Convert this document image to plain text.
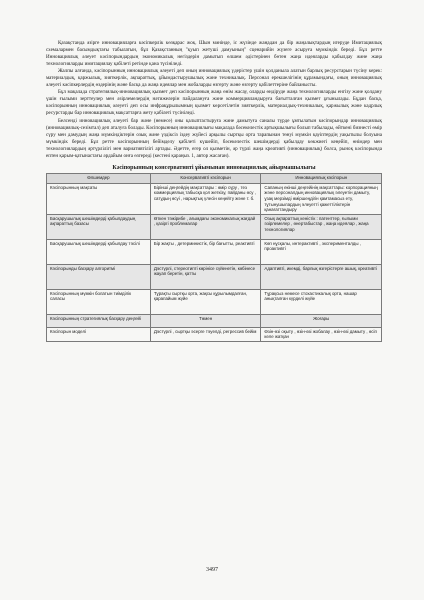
Қазақстанда әзірге инновацияларға кәсіпкерлік көзқарас жоқ. Шын мәнінде, іс жүзінде жаңадан да бір жаңалықтардың игеруде Имитациялық схемалармен басымдықтағы табылатын, бұл Қазақстанның "қуып жетуші дамуының" сценарийін жүзеге асыруға мүмкіндік береді. Бұл ретте Инновациялық әлеует кәсіпорындардың экономикалық негіздерін дамытып өлшем әдістерінен бөтен жаңа идеяларды қабылдау және жаңа технологияларды имитациялау қабілеті ретінде қана түсініледі.

Жалпы алғанда, кәсіпорынның инновациялық әлеуеті деп оның инновациялық үдерістер үшін қолданыла алатын барлық ресурстарын түсіну керек: материалдық, қаржылық, зияткерлік, ақпараттық, ұйымдастырушылық және техникалық. Персонал ерекшелігінің құрамындағы, оның инновациялық әлеуеті кәсіпкерлердің өздерінің және басқа да жаңа идеялар мен жобаларды өзгерту және өзгерту қабілеттеріне байланысты.

Бұл мақалада стратегиялық-инновациялық қызмет деп кәсіпорынның жаңа өнім жасау, оларды өндіруде жаңа технологияларды енгізу және қолдану үшін ғылыми зерттеулер мен әзірлемелердің нәтижелерін пайдалануға және коммерцияландыруға бағытталған қызмет ұғынылады. Бұдан басқа, кәсіпорынның инновациялық әлеуеті деп осы инфрақұрылымның қызмет көрсетілетін зияткерлік, материалдық-техникалық, қаржылық және кадрлық ресурстарды бар инновациялық мақсаттарға жету қабілеті түсініледі.

Белсенді инновациялық әлеуеті бар және (немесе) оны қалыптастыруға және дамытуға саналы түрде ұмтылатын кәсіпорындар инновациялық (инновациялық-сезімтал) деп аталуға болады. Кәсіпорынның инновациялығы мақалада бәсекелестік артықшылығы болып табылады, өйткені бизнесті өмір сүру мен дамудың жаңа мүмкіндіктерін озық және үздіксіз іздеу жүйесі арқылы сыртқы орта тарапынан төнуі мүмкін қауіптердің уақытылы болуына мүмкіндік береді. Бұл ретте кәсіпорынның бейімделу қабілеті күшейіп, бәсекелестік шешімдерді қабылдау көкжиегі кеңейіп, өнімдер мен технологиялардың әртүрлілігі мен вариативтілігі артады. Әдетте, егер ол қызметін, әр түрлі жаңа креативті (инновациялық) болса, рыноқ кәсіпорында ептен қарым-қатынастағы әрдайым онға өзгереді (кестені қараңыз. 1, автор жасаған).

Кәсіпорынның консервативті ұйымынан инновациялық айырмашылығы
Өлшемдер	Консервативті кәсіпорын	Инновациялық кәсіпорын
Кәсіпорынның мақсаты	Бірінші деңгейдің мақсаттары : өмір сүру , тез коммерциялық табысқа қол жеткізу, пайданы өсу , сатудың өсуі , нарықтық үлесін кеңейту және т. б.	Сапаның екінші деңгейінің мақсаттары: корпорацияның және персоналдың инновациялық әлеуетін дамыту, ұзақ мерзімді өміршеңдігін қамтамасыз ету, тұтынушылардың әлеуетті қажеттіліктерін қанағаттандыру
Басқарушылық шешімдерді қабылдаудың ақпараттық базасы	Өткен тәжірибе , ағымдағы экономикалық жағдай , қазіргі проблемалар	Озық ақпараттық кеністік : патенттер, ғылыми әзірлемелер , өнертабыстар , жаңа идеялар , жаңа технологиялар
Басқарушылық шешімдерді қабылдау тәсілі	Бір жақты , детерминистік, бір бағытты, реактивті	Көп нұсқалы, интерактивті , эксперименталды , проактивті
Кәсіпорынды басқару алгоритмі	Дәстүрлі, стереотипті көрінісе сүйенетін, көбінесе жауап беретін, қатты	Адаптивті, икемді, барлық өзгерістерге ашық, креативті
Кәсіпорынның мүмкін болатын тиімділік саласы	Тұрақты сыртқы орта, жақсы құрылымдалған, қарапайым жүйе	Тұрақсыз немесе стохастикалық орта, нашар анықталған күрделі жүйе
Кәсіпорынның стратегиялық басқару деңгейі	Төмен	Жоғары
Кәсіпорын моделі	Дәстүрлі , сыртқы әсерге тәуелді, регрессив бейім	Өзін-өзі оқыту , өзін-өзі жобалау , өзін-өзі дамыту , өсіп келе жатқан
3497
